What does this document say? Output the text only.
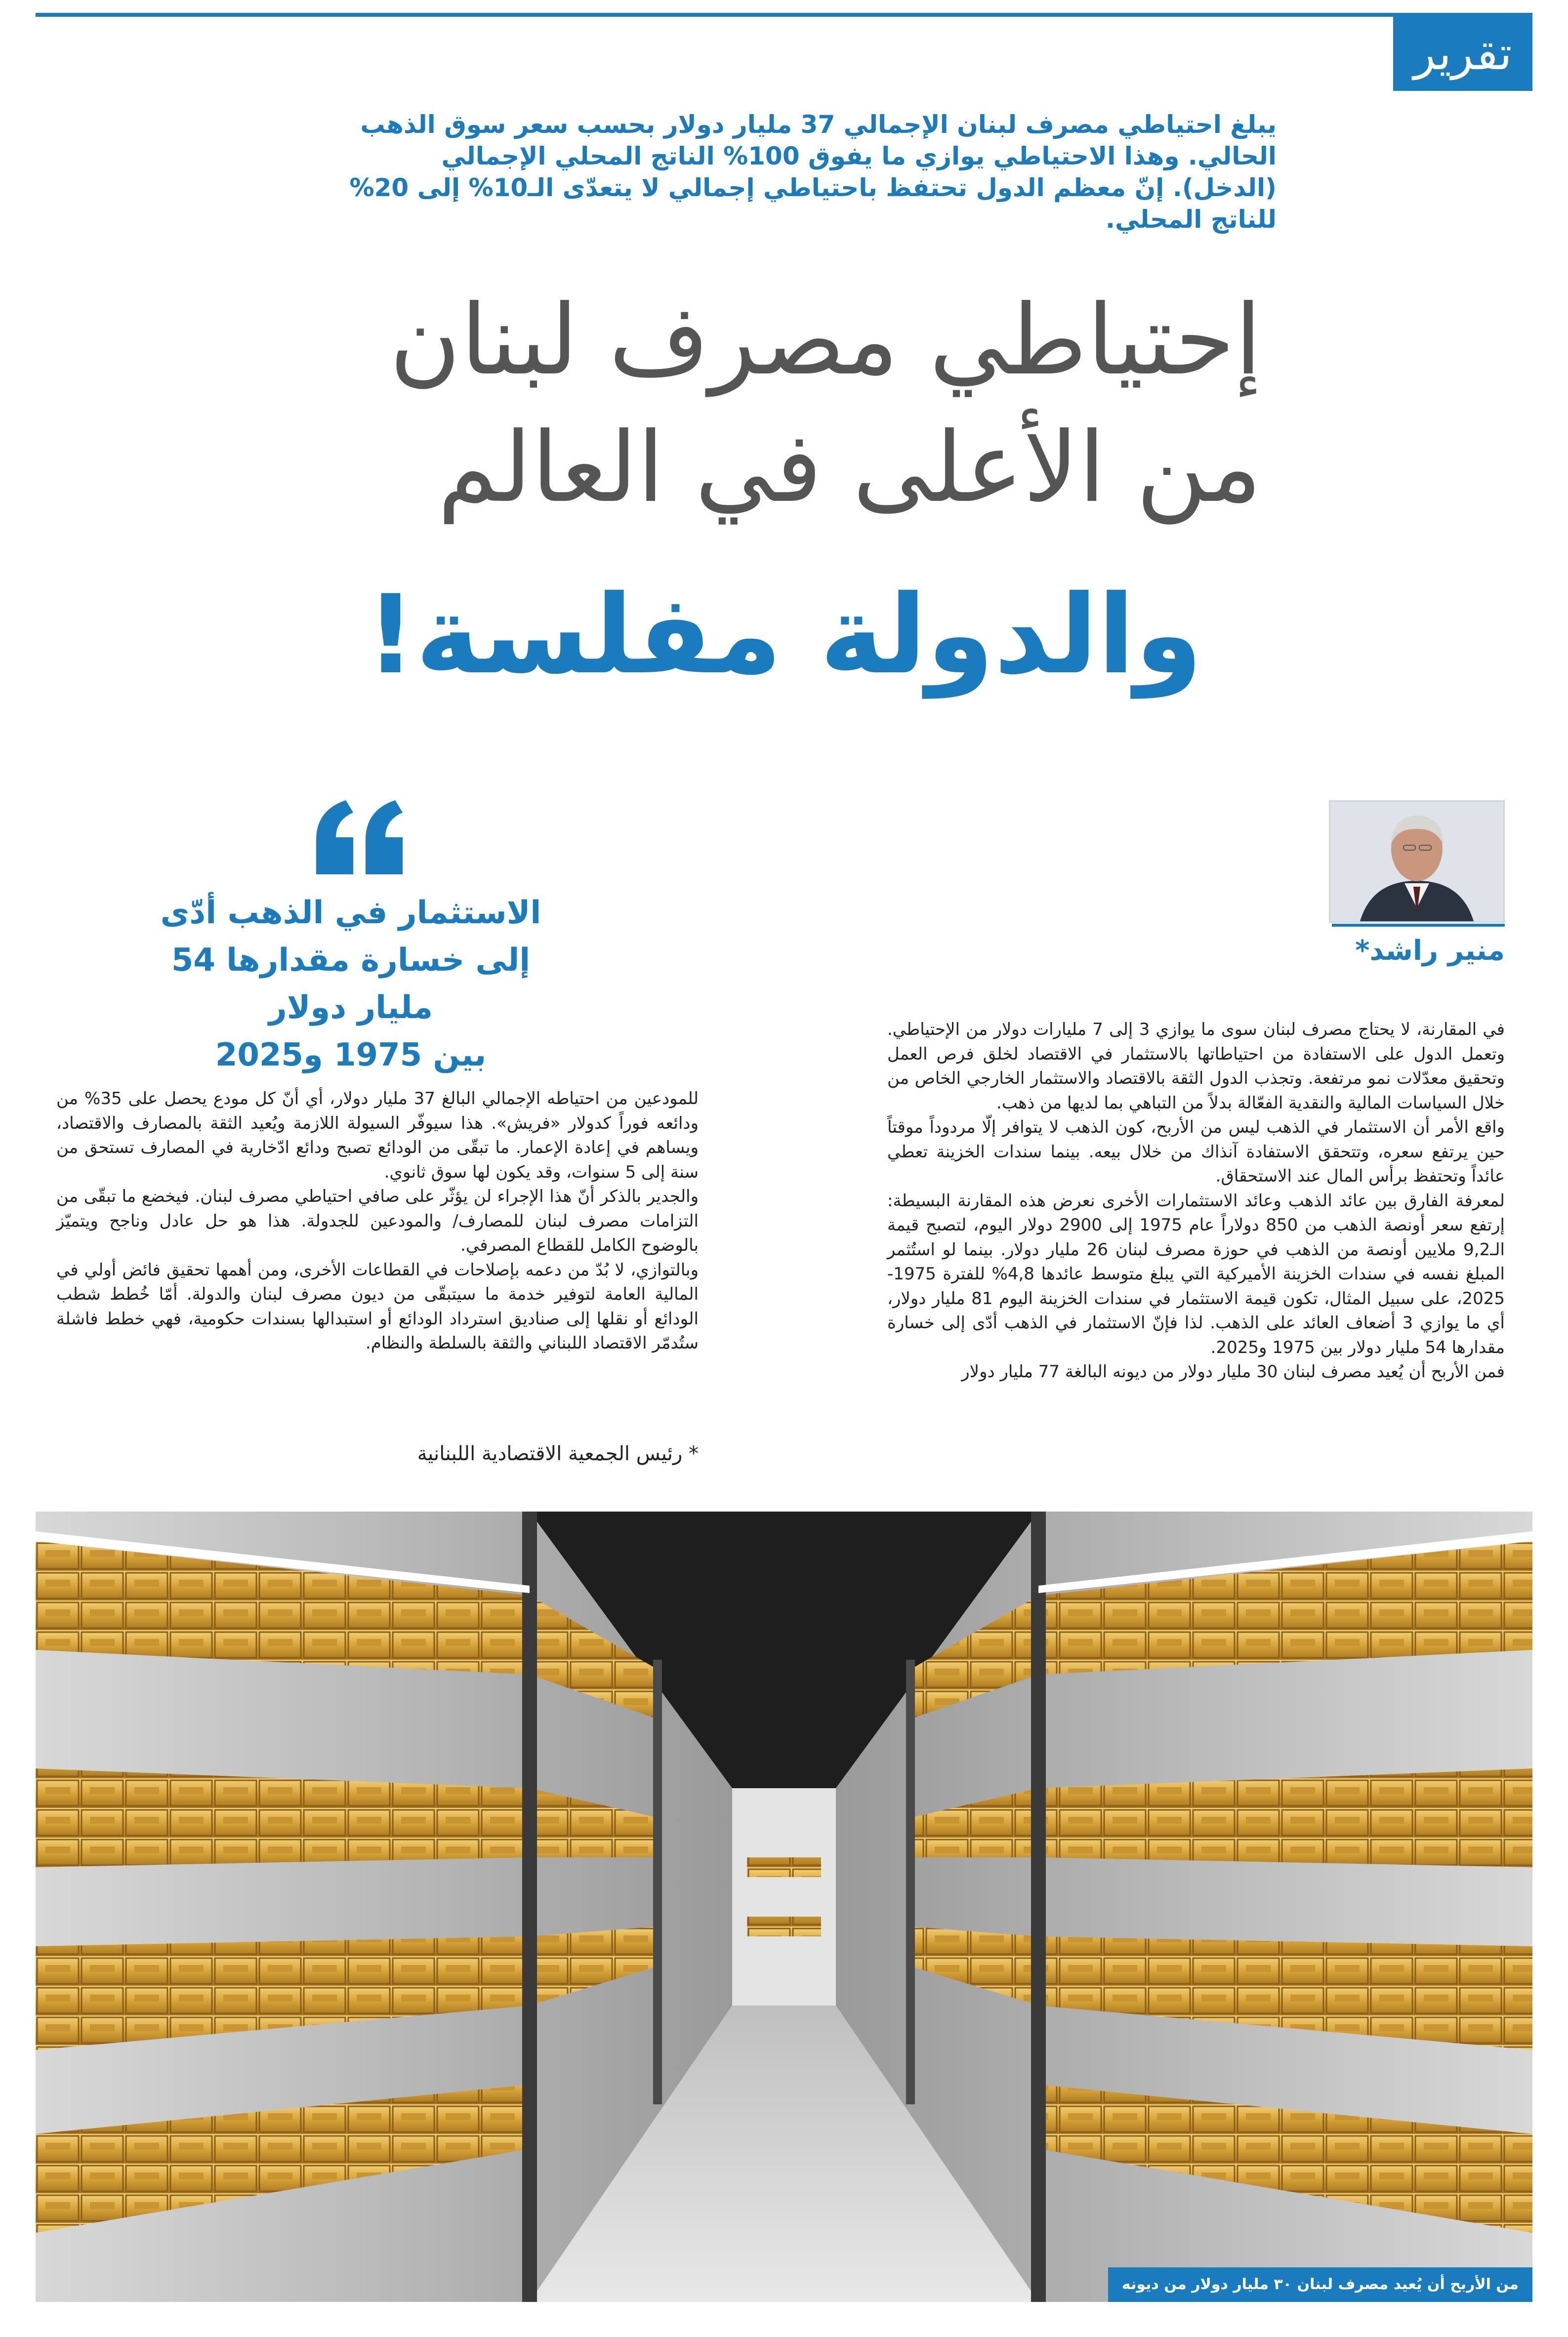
تقرير
يبلغ احتياطي مصرف لبنان الإجمالي 37 مليار دولار بحسب سعر سوق الذهب الحالي. وهذا الاحتياطي يوازي ما يفوق 100% الناتج المحلي الإجمالي (الدخل). إنّ معظم الدول تحتفظ باحتياطي إجمالي لا يتعدّى الـ10% إلى 20% للناتج المحلي.
إحتياطي مصرف لبنان
من الأعلى في العالم
والدولة مفلسة!
منير راشد*
الاستثمار في الذهب أدّى
إلى خسارة مقدارها 54 مليار دولار
بين 1975 و2025

في المقارنة، لا يحتاج مصرف لبنان سوى ما يوازي 3 إلى 7 مليارات دولار من الإحتياطي. وتعمل الدول على الاستفادة من احتياطاتها بالاستثمار في الاقتصاد لخلق فرص العمل وتحقيق معدّلات نمو مرتفعة. وتجذب الدول الثقة بالاقتصاد والاستثمار الخارجي الخاص من خلال السياسات المالية والنقدية الفعّالة بدلاً من التباهي بما لديها من ذهب.

واقع الأمر أن الاستثمار في الذهب ليس من الأربح، كون الذهب لا يتوافر إلّا مردوداً موقتاً حين يرتفع سعره، وتتحقق الاستفادة آنذاك من خلال بيعه. بينما سندات الخزينة تعطي عائداً وتحتفظ برأس المال عند الاستحقاق.

لمعرفة الفارق بين عائد الذهب وعائد الاستثمارات الأخرى نعرض هذه المقارنة البسيطة: إرتفع سعر أونصة الذهب من 850 دولاراً عام 1975 إلى 2900 دولار اليوم، لتصبح قيمة الـ9,2 ملايين أونصة من الذهب في حوزة مصرف لبنان 26 مليار دولار. بينما لو استُثمر المبلغ نفسه في سندات الخزينة الأميركية التي يبلغ متوسط عائدها 4,8% للفترة 1975-2025، على سبيل المثال، تكون قيمة الاستثمار في سندات الخزينة اليوم 81 مليار دولار، أي ما يوازي 3 أضعاف العائد على الذهب. لذا فإنّ الاستثمار في الذهب أدّى إلى خسارة مقدارها 54 مليار دولار بين 1975 و2025.

فمن الأربح أن يُعيد مصرف لبنان 30 مليار دولار من ديونه البالغة 77 مليار دولار

للمودعين من احتياطه الإجمالي البالغ 37 مليار دولار، أي أنّ كل مودع يحصل على 35% من ودائعه فوراً كدولار «فريش». هذا سيوفّر السيولة اللازمة ويُعيد الثقة بالمصارف والاقتصاد، ويساهم في إعادة الإعمار. ما تبقّى من الودائع تصبح ودائع ادّخارية في المصارف تستحق من سنة إلى 5 سنوات، وقد يكون لها سوق ثانوي.

والجدير بالذكر أنّ هذا الإجراء لن يؤثّر على صافي احتياطي مصرف لبنان. فيخضع ما تبقّى من التزامات مصرف لبنان للمصارف/ والمودعين للجدولة. هذا هو حل عادل وناجح ويتميّز بالوضوح الكامل للقطاع المصرفي.

وبالتوازي، لا بُدّ من دعمه بإصلاحات في القطاعات الأخرى، ومن أهمها تحقيق فائض أولي في المالية العامة لتوفير خدمة ما سيتبقّى من ديون مصرف لبنان والدولة. أمّا خُطط شطب الودائع أو نقلها إلى صناديق استرداد الودائع أو استبدالها بسندات حكومية، فهي خطط فاشلة ستُدمّر الاقتصاد اللبناني والثقة بالسلطة والنظام.

* رئيس الجمعية الاقتصادية اللبنانية
من الأربح أن يُعيد مصرف لبنان ٣٠ مليار دولار من ديونه
